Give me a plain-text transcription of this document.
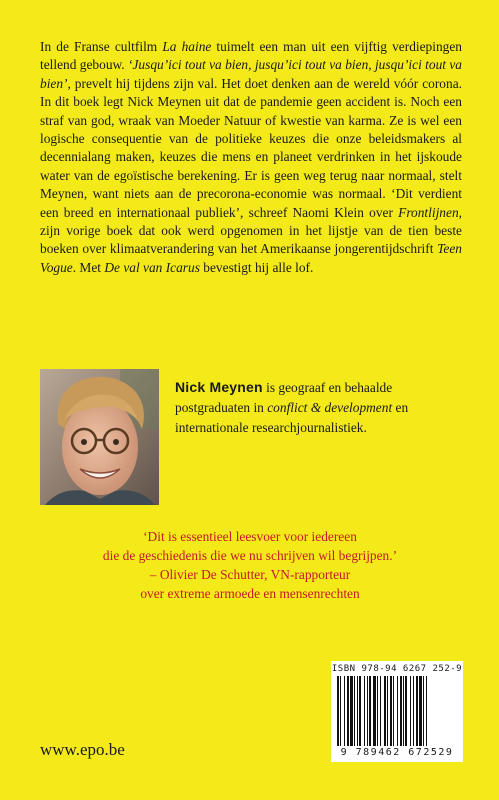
In de Franse cultfilm La haine tuimelt een man uit een vijftig verdiepingen tellend gebouw. ‘Jusqu’ici tout va bien, jusqu’ici tout va bien, jusqu’ici tout va bien’, prevelt hij tijdens zijn val. Het doet denken aan de wereld vóór corona. In dit boek legt Nick Meynen uit dat de pandemie geen accident is. Noch een straf van god, wraak van Moeder Natuur of kwestie van karma. Ze is wel een logische consequentie van de politieke keuzes die onze beleidsmakers al decennialang maken, keuzes die mens en planeet verdrinken in het ijskoude water van de egoïstische berekening. Er is geen weg terug naar normaal, stelt Meynen, want niets aan de precorona-economie was normaal. ‘Dit verdient een breed en internationaal publiek’, schreef Naomi Klein over Frontlijnen, zijn vorige boek dat ook werd opgenomen in het lijstje van de tien beste boeken over klimaatverandering van het Amerikaanse jongerentijdschrift Teen Vogue. Met De val van Icarus bevestigt hij alle lof.

Nick Meynen is geograaf en behaalde postgraduaten in conflict & development en internationale researchjournalistiek.

‘Dit is essentieel leesvoer voor iedereen
die de geschiedenis die we nu schrijven wil begrijpen.’
– Olivier De Schutter, VN-rapporteur
over extreme armoede en mensenrechten

ISBN 978-94 6267 252-9
9 789462 672529
www.epo.be
